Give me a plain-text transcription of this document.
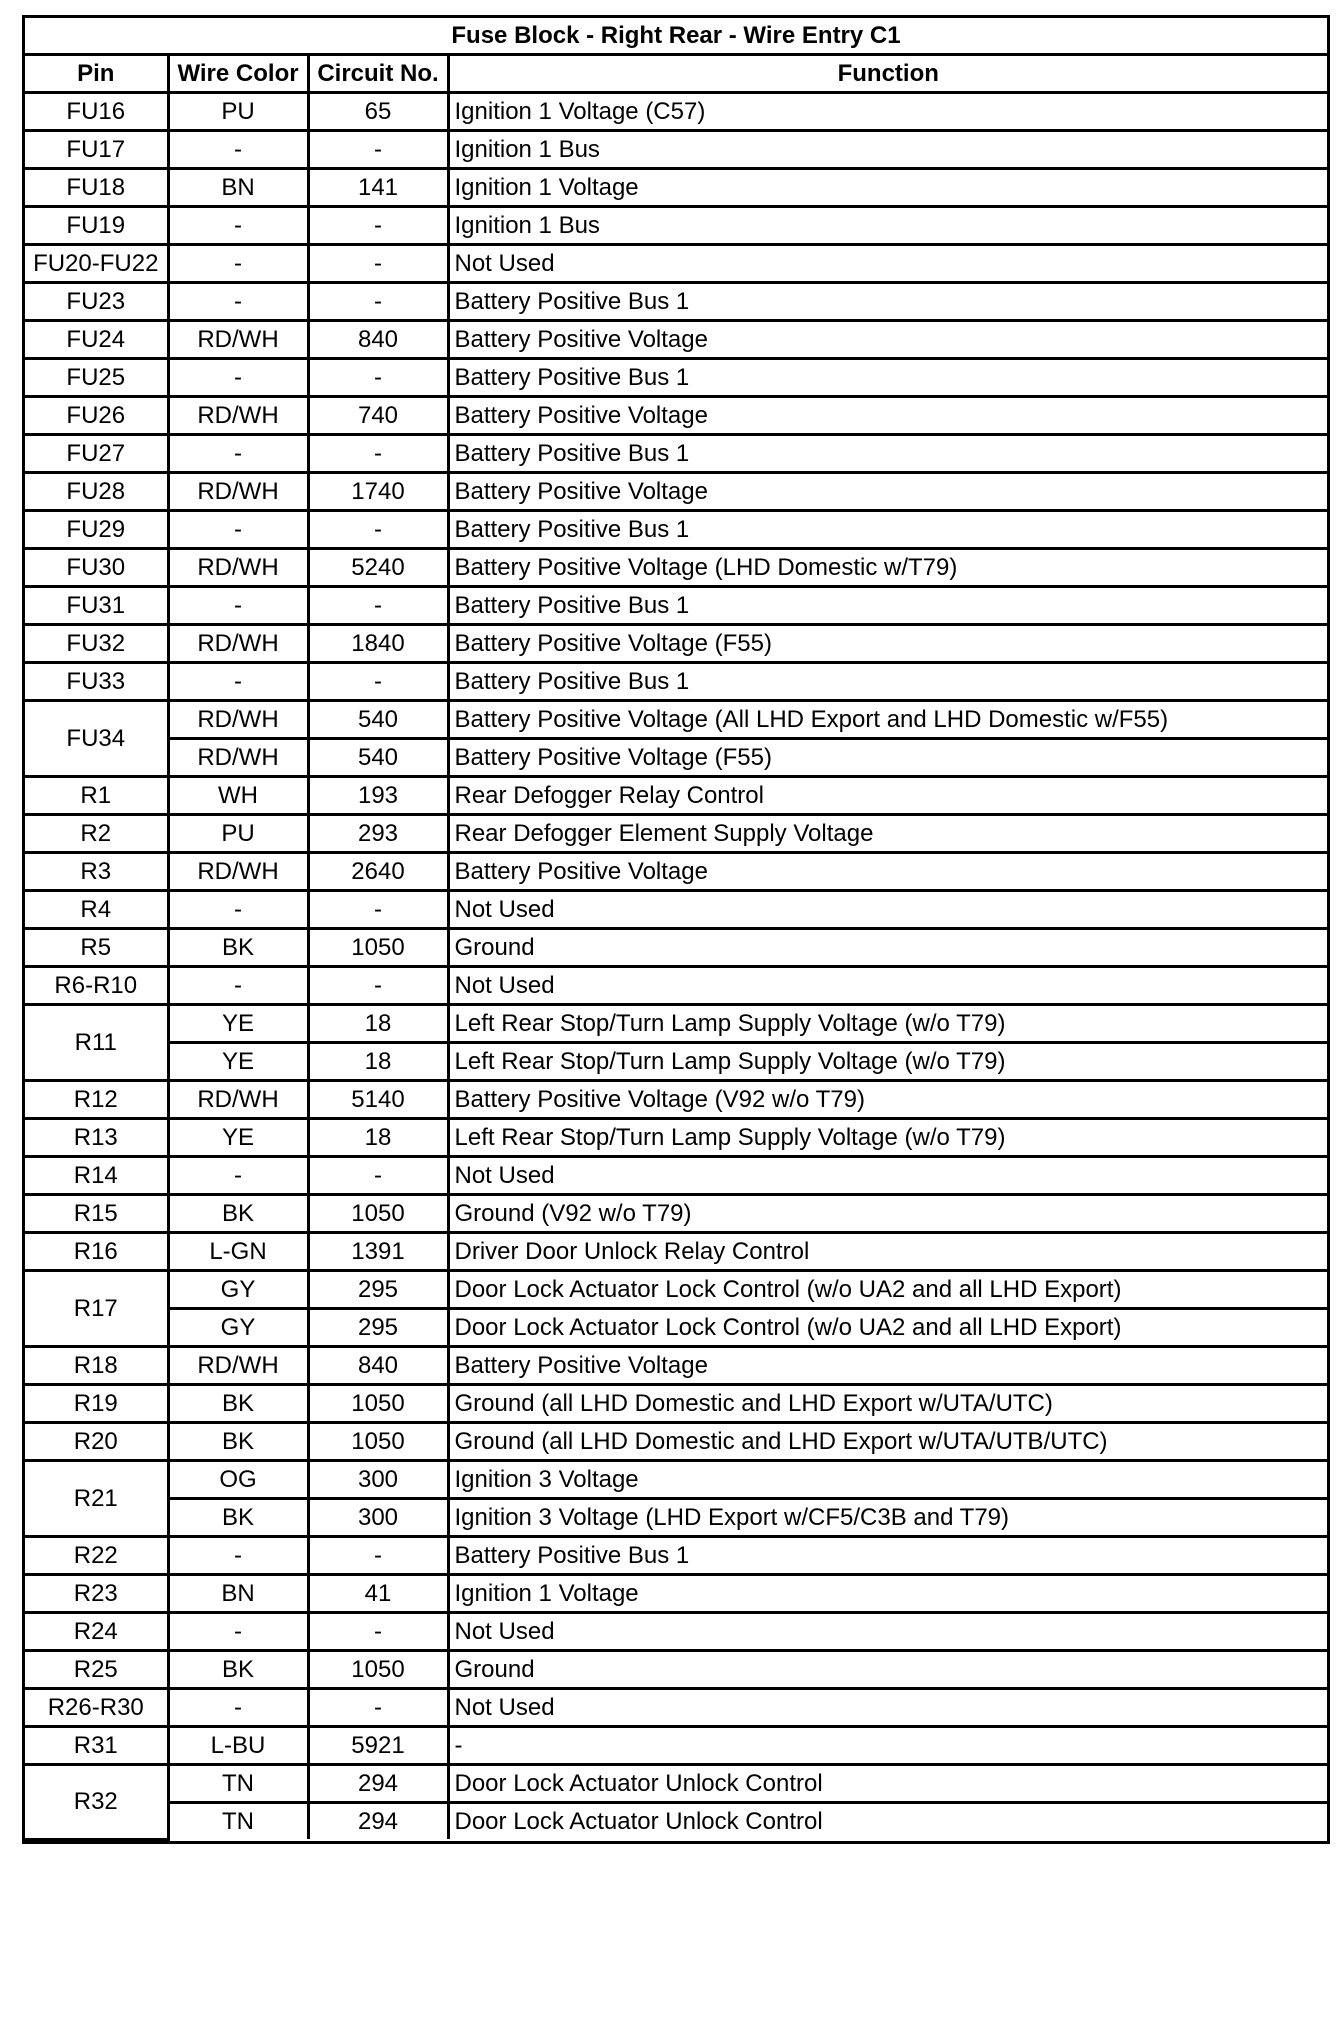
Fuse Block - Right Rear - Wire Entry C1			
Pin	Wire Color	Circuit No.	Function
FU16	PU	65	Ignition 1 Voltage (C57)
FU17	-	-	Ignition 1 Bus
FU18	BN	141	Ignition 1 Voltage
FU19	-	-	Ignition 1 Bus
FU20-FU22	-	-	Not Used
FU23	-	-	Battery Positive Bus 1
FU24	RD/WH	840	Battery Positive Voltage
FU25	-	-	Battery Positive Bus 1
FU26	RD/WH	740	Battery Positive Voltage
FU27	-	-	Battery Positive Bus 1
FU28	RD/WH	1740	Battery Positive Voltage
FU29	-	-	Battery Positive Bus 1
FU30	RD/WH	5240	Battery Positive Voltage (LHD Domestic w/T79)
FU31	-	-	Battery Positive Bus 1
FU32	RD/WH	1840	Battery Positive Voltage (F55)
FU33	-	-	Battery Positive Bus 1
FU34	RD/WH	540	Battery Positive Voltage (All LHD Export and LHD Domestic w/F55)
	RD/WH	540	Battery Positive Voltage (F55)
R1	WH	193	Rear Defogger Relay Control
R2	PU	293	Rear Defogger Element Supply Voltage
R3	RD/WH	2640	Battery Positive Voltage
R4	-	-	Not Used
R5	BK	1050	Ground
R6-R10	-	-	Not Used
R11	YE	18	Left Rear Stop/Turn Lamp Supply Voltage (w/o T79)
	YE	18	Left Rear Stop/Turn Lamp Supply Voltage (w/o T79)
R12	RD/WH	5140	Battery Positive Voltage (V92 w/o T79)
R13	YE	18	Left Rear Stop/Turn Lamp Supply Voltage (w/o T79)
R14	-	-	Not Used
R15	BK	1050	Ground (V92 w/o T79)
R16	L-GN	1391	Driver Door Unlock Relay Control
R17	GY	295	Door Lock Actuator Lock Control (w/o UA2 and all LHD Export)
	GY	295	Door Lock Actuator Lock Control (w/o UA2 and all LHD Export)
R18	RD/WH	840	Battery Positive Voltage
R19	BK	1050	Ground (all LHD Domestic and LHD Export w/UTA/UTC)
R20	BK	1050	Ground (all LHD Domestic and LHD Export w/UTA/UTB/UTC)
R21	OG	300	Ignition 3 Voltage
	BK	300	Ignition 3 Voltage (LHD Export w/CF5/C3B and T79)
R22	-	-	Battery Positive Bus 1
R23	BN	41	Ignition 1 Voltage
R24	-	-	Not Used
R25	BK	1050	Ground
R26-R30	-	-	Not Used
R31	L-BU	5921	-
R32	TN	294	Door Lock Actuator Unlock Control
	TN	294	Door Lock Actuator Unlock Control
